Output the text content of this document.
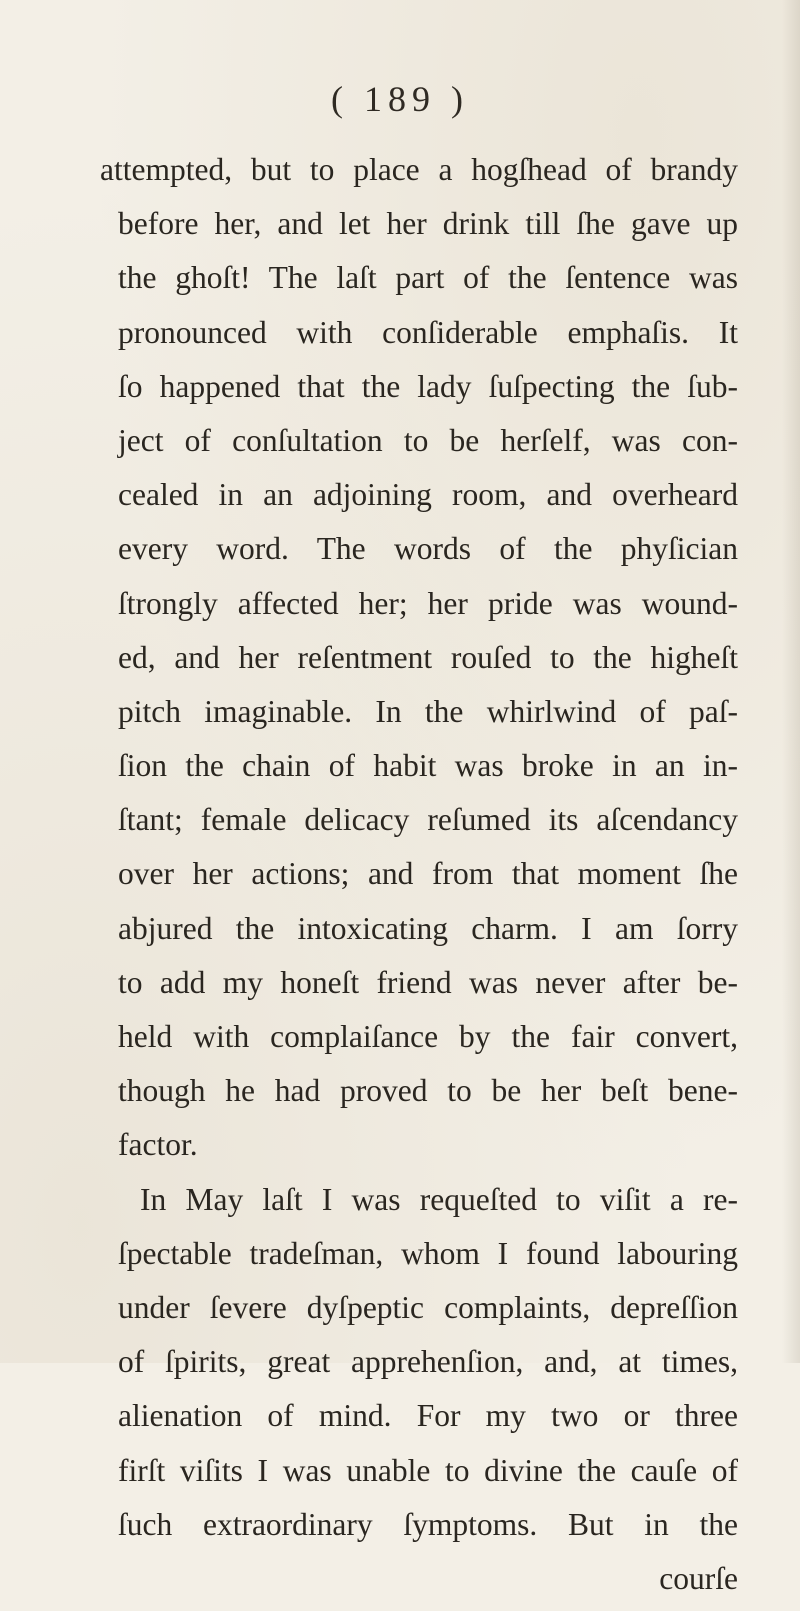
( 189 )
attempted, but to place a hogſhead of brandy
before her, and let her drink till ſhe gave up
the ghoſt! The laſt part of the ſentence was
pronounced with conſiderable emphaſis. It
ſo happened that the lady ſuſpecting the ſub-
ject of conſultation to be herſelf, was con-
cealed in an adjoining room, and overheard
every word. The words of the phyſician
ſtrongly affected her; her pride was wound-
ed, and her reſentment rouſed to the higheſt
pitch imaginable. In the whirlwind of paſ-
ſion the chain of habit was broke in an in-
ſtant; female delicacy reſumed its aſcendancy
over her actions; and from that moment ſhe
abjured the intoxicating charm. I am ſorry
to add my honeſt friend was never after be-
held with complaiſance by the fair convert,
though he had proved to be her beſt bene-
factor.
In May laſt I was requeſted to viſit a re-
ſpectable tradeſman, whom I found labouring
under ſevere dyſpeptic complaints, depreſſion
of ſpirits, great apprehenſion, and, at times,
alienation of mind. For my two or three
firſt viſits I was unable to divine the cauſe of
ſuch extraordinary ſymptoms. But in the
courſe
